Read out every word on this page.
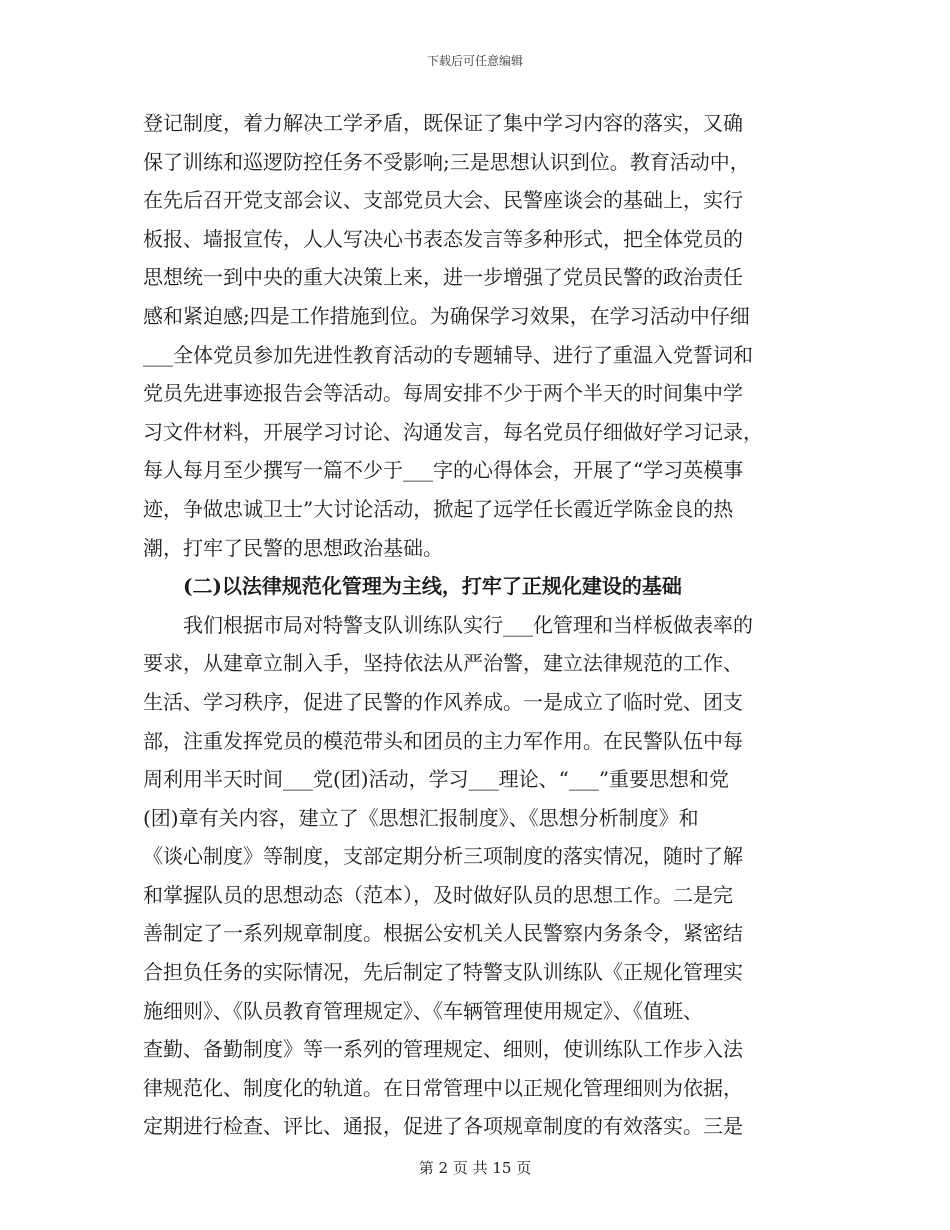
下载后可任意编辑
登记制度，着力解决工学矛盾，既保证了集中学习内容的落实，又确
保了训练和巡逻防控任务不受影响;三是思想认识到位。教育活动中，
在先后召开党支部会议、支部党员大会、民警座谈会的基础上，实行
板报、墙报宣传，人人写决心书表态发言等多种形式，把全体党员的
思想统一到中央的重大决策上来，进一步增强了党员民警的政治责任
感和紧迫感;四是工作措施到位。为确保学习效果，在学习活动中仔细
___全体党员参加先进性教育活动的专题辅导、进行了重温入党誓词和
党员先进事迹报告会等活动。每周安排不少于两个半天的时间集中学
习文件材料，开展学习讨论、沟通发言，每名党员仔细做好学习记录，
每人每月至少撰写一篇不少于___字的心得体会，开展了“学习英模事
迹，争做忠诚卫士”大讨论活动，掀起了远学任长霞近学陈金良的热
潮，打牢了民警的思想政治基础。
(二)以法律规范化管理为主线，打牢了正规化建设的基础
我们根据市局对特警支队训练队实行___化管理和当样板做表率的
要求，从建章立制入手，坚持依法从严治警，建立法律规范的工作、
生活、学习秩序，促进了民警的作风养成。一是成立了临时党、团支
部，注重发挥党员的模范带头和团员的主力军作用。在民警队伍中每
周利用半天时间___党(团)活动，学习___理论、“___”重要思想和党
(团)章有关内容，建立了《思想汇报制度》、《思想分析制度》和
《谈心制度》等制度，支部定期分析三项制度的落实情况，随时了解
和掌握队员的思想动态（范本），及时做好队员的思想工作。二是完
善制定了一系列规章制度。根据公安机关人民警察内务条令，紧密结
合担负任务的实际情况，先后制定了特警支队训练队《正规化管理实
施细则》、《队员教育管理规定》、《车辆管理使用规定》、《值班、
查勤、备勤制度》等一系列的管理规定、细则，使训练队工作步入法
律规范化、制度化的轨道。在日常管理中以正规化管理细则为依据，
定期进行检查、评比、通报，促进了各项规章制度的有效落实。三是
第 2 页 共 15 页
